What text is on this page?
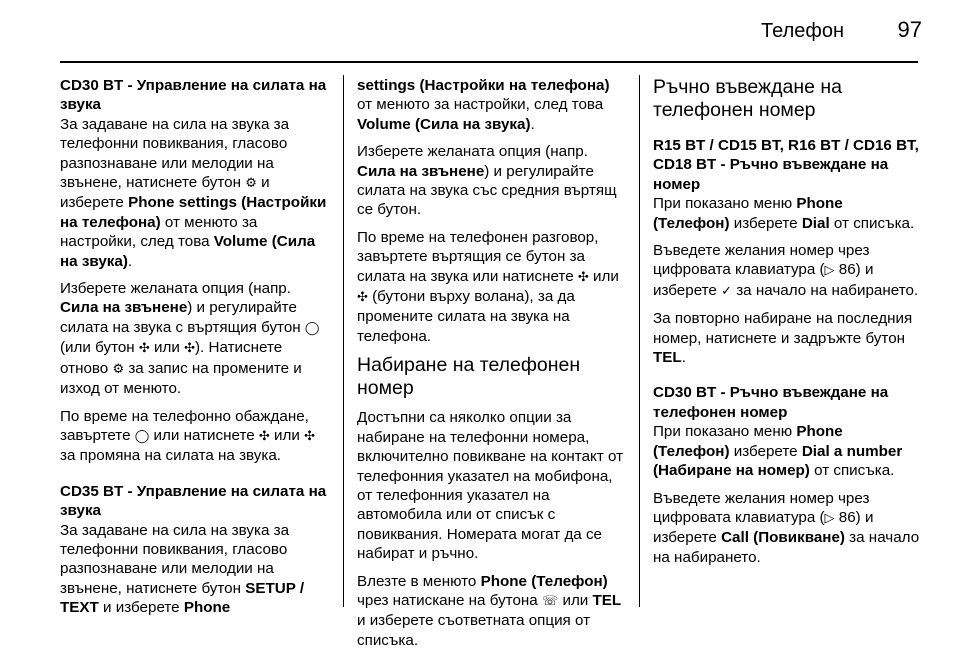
Телефон 97

CD30 BT - Управление на силата на звука

За задаване на сила на звука за телефонни повиквания, гласово разпознаване или мелодии на звънене, натиснете бутон ⚙ и изберете Phone settings (Настройки на телефона) от менюто за настройки, след това Volume (Сила на звука).

Изберете желаната опция (напр. Сила на звънене) и регулирайте силата на звука с въртящия бутон ◯ (или бутон ✣ или ✣). Натиснете отново ⚙ за запис на промените и изход от менюто.

По време на телефонно обаждане, завъртете ◯ или натиснете ✣ или ✣ за промяна на силата на звука.

CD35 BT - Управление на силата на звука

За задаване на сила на звука за телефонни повиквания, гласово разпознаване или мелодии на звънене, натиснете бутон SETUP / TEXT и изберете Phone

settings (Настройки на телефона) от менюто за настройки, след това Volume (Сила на звука).

Изберете желаната опция (напр. Сила на звънене) и регулирайте силата на звука със средния въртящ се бутон.

По време на телефонен разговор, завъртете въртящия се бутон за силата на звука или натиснете ✣ или ✣ (бутони върху волана), за да промените силата на звука на телефона.

Набиране на телефонен номер

Достъпни са няколко опции за набиране на телефонни номера, включително повикване на контакт от телефонния указател на мобифона, от телефонния указател на автомобила или от списък с повиквания. Номерата могат да се набират и ръчно.

Влезте в менюто Phone (Телефон) чрез натискане на бутона ☏ или TEL и изберете съответната опция от списъка.

Ръчно въвеждане на телефонен номер

R15 BT / CD15 BT, R16 BT / CD16 BT, CD18 BT - Ръчно въвеждане на номер

При показано меню Phone (Телефон) изберете Dial от списъка.

Въведете желания номер чрез цифровата клавиатура (▷ 86) и изберете ✓ за начало на набирането.

За повторно набиране на последния номер, натиснете и задръжте бутон TEL.

CD30 BT - Ръчно въвеждане на телефонен номер

При показано меню Phone (Телефон) изберете Dial a number (Набиране на номер) от списъка.

Въведете желания номер чрез цифровата клавиатура (▷ 86) и изберете Call (Повикване) за начало на набирането.
